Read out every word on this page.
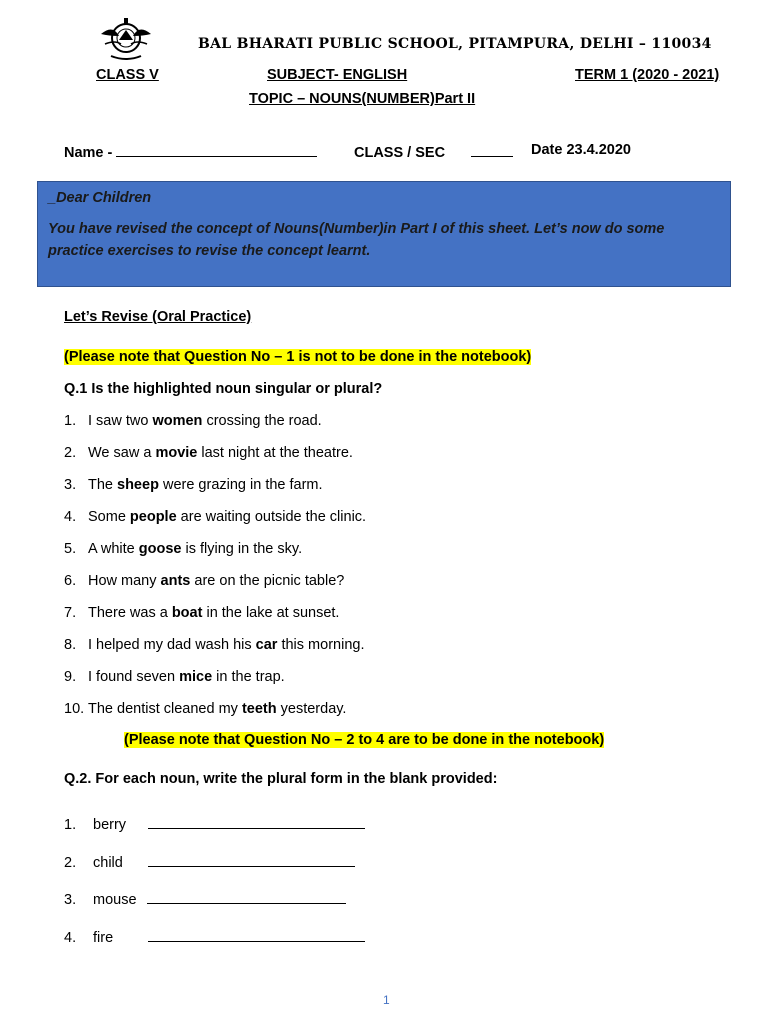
BAL BHARATI PUBLIC SCHOOL, PITAMPURA, DELHI – 110034
CLASS V	SUBJECT- ENGLISH	TERM 1 (2020 - 2021)
TOPIC – NOUNS(NUMBER)Part II
Name -	CLASS / SEC	Date 23.4.2020
_ Dear Children
You have revised the concept of Nouns(Number)in Part I of this sheet. Let’s now do some practice exercises to revise the concept learnt.
Let’s Revise (Oral Practice)
(Please note that Question No – 1 is not to be done in the notebook)
Q.1 Is the highlighted noun singular or plural?
1. I saw two women crossing the road.
2. We saw a movie last night at the theatre.
3. The sheep were grazing in the farm.
4. Some people are waiting outside the clinic.
5. A white goose is flying in the sky.
6. How many ants are on the picnic table?
7. There was a boat in the lake at sunset.
8. I helped my dad wash his car this morning.
9. I found seven mice in the trap.
10. The dentist cleaned my teeth yesterday.
(Please note that Question No – 2 to 4 are to be done in the notebook)
Q.2. For each noun, write the plural form in the blank provided:
1. berry
2. child
3. mouse
4. fire
1
